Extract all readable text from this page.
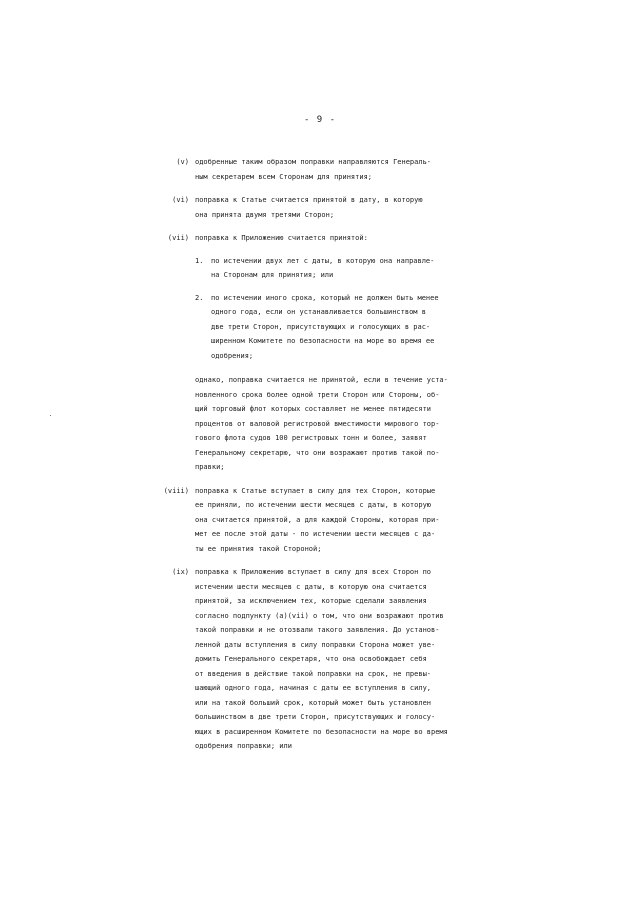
- 9 -
(v) одобренные таким образом поправки направляются Генераль-
ным секретарем всем Сторонам для принятия;
(vi) поправка к Статье считается принятой в дату, в которую
она принята двумя третями Сторон;
(vii) поправка к Приложению считается принятой:
1. по истечении двух лет с даты, в которую она направле-
на Сторонам для принятия; или
2. по истечении иного срока, который не должен быть менее
одного года, если он устанавливается большинством в
две трети Сторон, присутствующих и голосующих в рас-
ширенном Комитете по безопасности на море во время ее
одобрения;
однако, поправка считается не принятой, если в течение уста-
новленного срока более одной трети Сторон или Стороны, об-
щий торговый флот которых составляет не менее пятидесяти
процентов от валовой регистровой вместимости мирового тор-
гового флота судов 100 регистровых тонн и более, заявят
Генеральному секретарю, что они возражают против такой по-
правки;
(viii) поправка к Статье вступает в силу для тех Сторон, которые
ее приняли, по истечении шести месяцев с даты, в которую
она считается принятой, а для каждой Стороны, которая при-
мет ее после этой даты - по истечении шести месяцев с да-
ты ее принятия такой Стороной;
(ix) поправка к Приложению вступает в силу для всех Сторон по
истечении шести месяцев с даты, в которую она считается
принятой, за исключением тех, которые сделали заявления
согласно подпункту (a)(vii) о том, что они возражают против
такой поправки и не отозвали такого заявления. До установ-
ленной даты вступления в силу поправки Сторона может уве-
домить Генерального секретаря, что она освобождает себя
от введения в действие такой поправки на срок, не превы-
шающий одного года, начиная с даты ее вступления в силу,
или на такой больший срок, который может быть установлен
большинством в две трети Сторон, присутствующих и голосу-
ющих в расширенном Комитете по безопасности на море во время
одобрения поправки; или
